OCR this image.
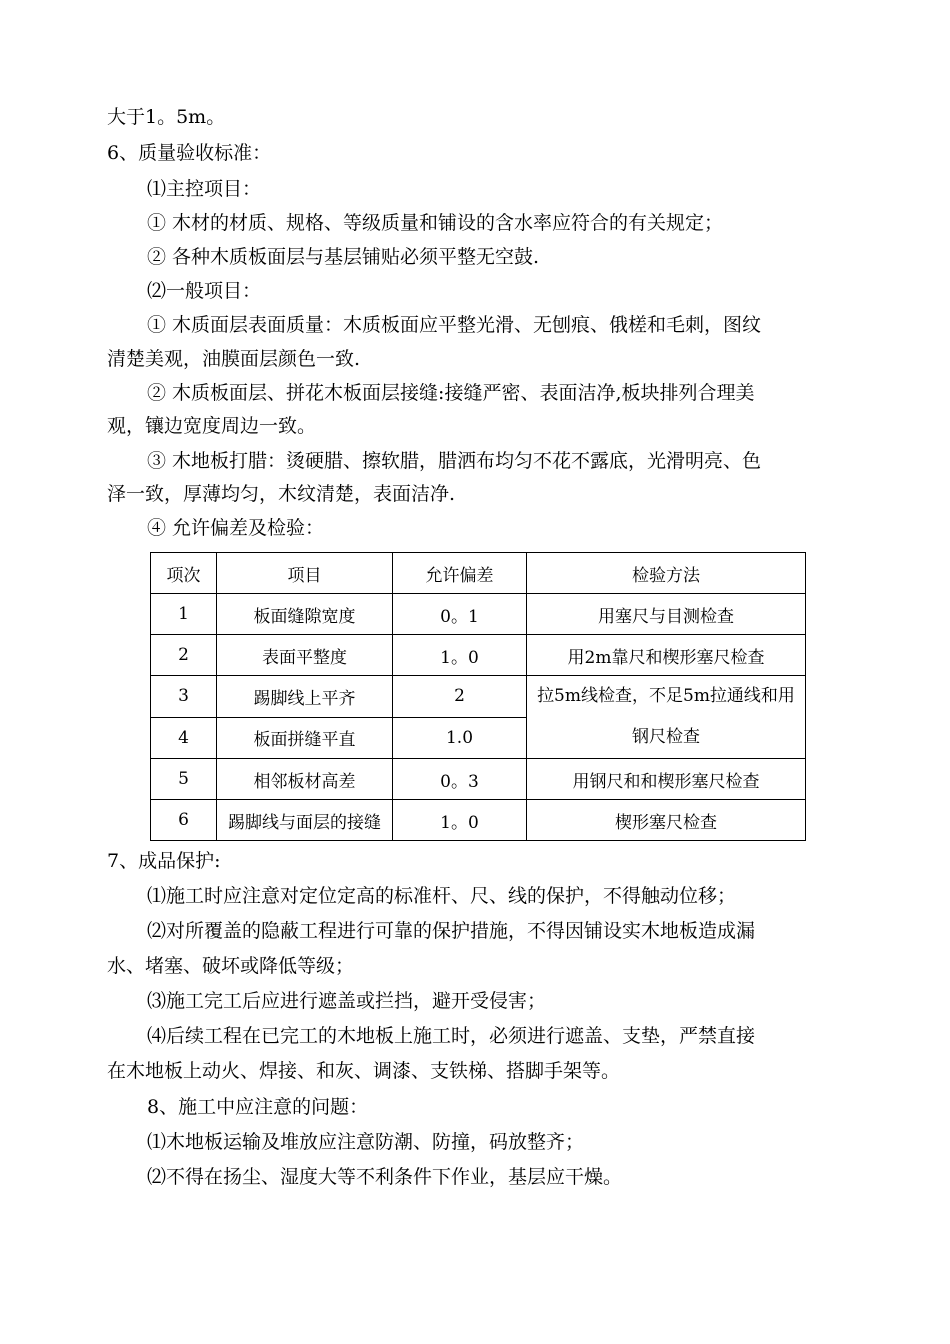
大于1。5m。
6、质量验收标准：
⑴主控项目：
① 木材的材质、规格、等级质量和铺设的含水率应符合的有关规定；
② 各种木质板面层与基层铺贴必须平整无空鼓.
⑵一般项目：
① 木质面层表面质量：木质板面应平整光滑、无刨痕、俄槎和毛刺，图纹
清楚美观，油膜面层颜色一致.
② 木质板面层、拼花木板面层接缝:接缝严密、表面洁净,板块排列合理美
观，镶边宽度周边一致。
③ 木地板打腊：烫硬腊、擦软腊，腊洒布均匀不花不露底，光滑明亮、色
泽一致，厚薄均匀，木纹清楚，表面洁净.
④ 允许偏差及检验：
项次	项目	允许偏差	检验方法
1	板面缝隙宽度	0。1	用塞尺与目测检查
2	表面平整度	1。0	用2m靠尺和楔形塞尺检查
3	踢脚线上平齐	2	拉5m线检查，不足5m拉通线和用钢尺检查
4	板面拼缝平直	1.0	
5	相邻板材高差	0。3	用钢尺和和楔形塞尺检查
6	踢脚线与面层的接缝	1。0	楔形塞尺检查
7、成品保护:
⑴施工时应注意对定位定高的标准杆、尺、线的保护，不得触动位移；
⑵对所覆盖的隐蔽工程进行可靠的保护措施，不得因铺设实木地板造成漏
水、堵塞、破坏或降低等级；
⑶施工完工后应进行遮盖或拦挡，避开受侵害；
⑷后续工程在已完工的木地板上施工时，必须进行遮盖、支垫，严禁直接
在木地板上动火、焊接、和灰、调漆、支铁梯、搭脚手架等。
8、施工中应注意的问题：
⑴木地板运输及堆放应注意防潮、防撞，码放整齐；
⑵不得在扬尘、湿度大等不利条件下作业，基层应干燥。
